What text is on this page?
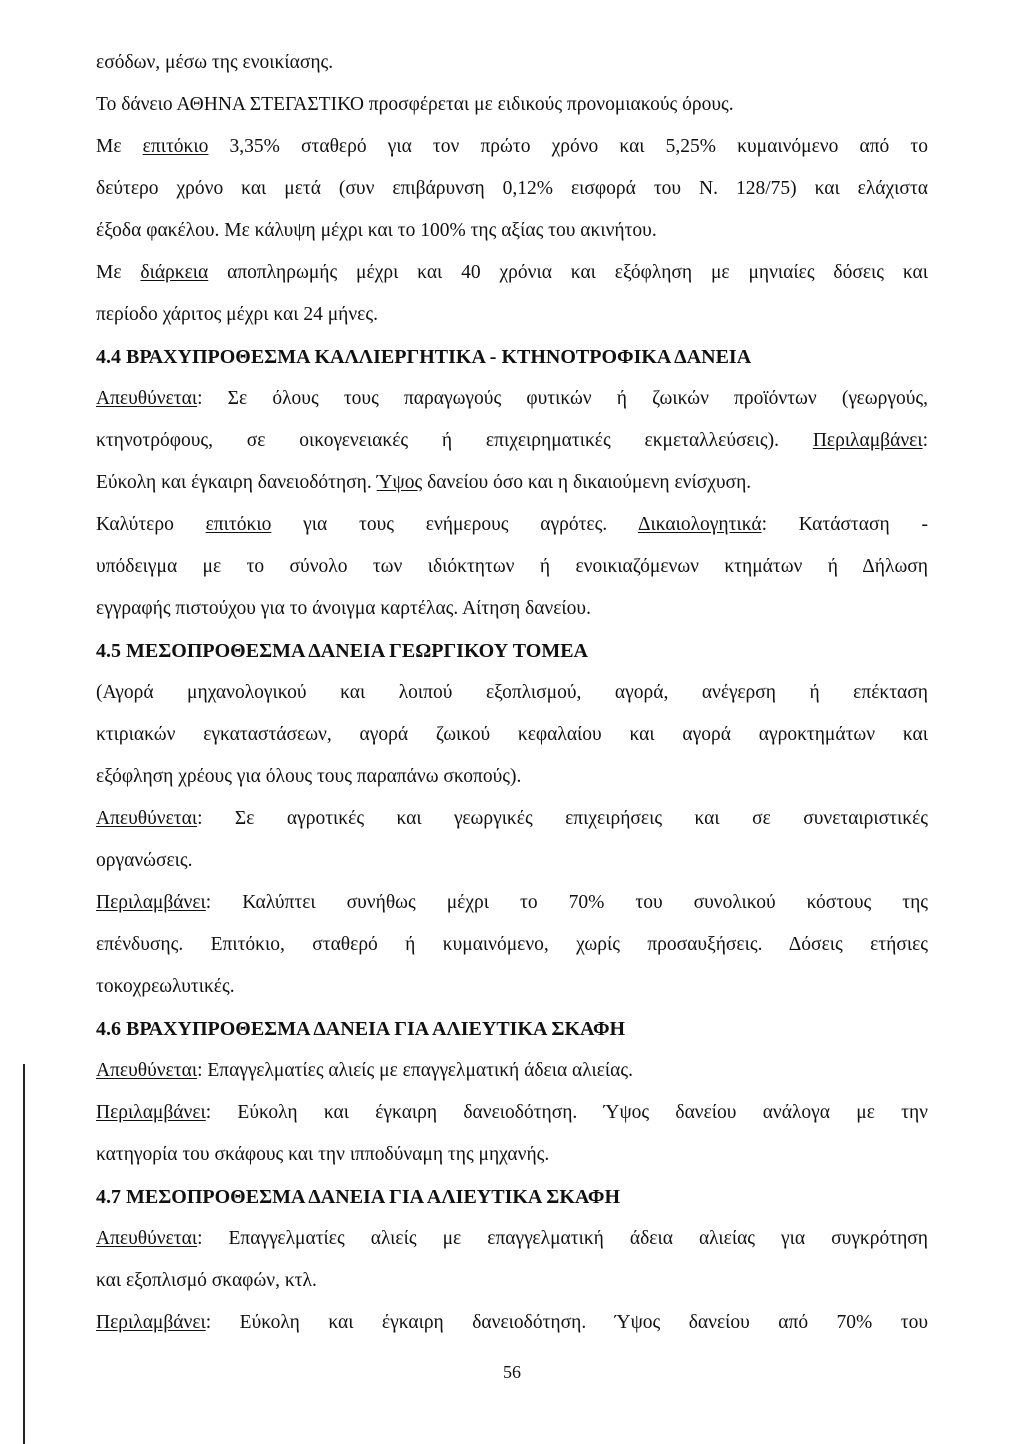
εσόδων, μέσω της ενοικίασης.
Το δάνειο ΑΘΗΝΑ ΣΤΕΓΑΣΤΙΚΟ προσφέρεται με ειδικούς προνομιακούς όρους.
Με επιτόκιο 3,35% σταθερό για τον πρώτο χρόνο και 5,25% κυμαινόμενο από το
δεύτερο χρόνο και μετά (συν επιβάρυνση 0,12% εισφορά του Ν. 128/75) και ελάχιστα
έξοδα φακέλου. Με κάλυψη μέχρι και το 100% της αξίας του ακινήτου.
Με διάρκεια αποπληρωμής μέχρι και 40 χρόνια και εξόφληση με μηνιαίες δόσεις και
περίοδο χάριτος μέχρι και 24 μήνες.
4.4 ΒΡΑΧΥΠΡΟΘΕΣΜΑ ΚΑΛΛΙΕΡΓΗΤΙΚΑ - ΚΤΗΝΟΤΡΟΦΙΚΑ ΔΑΝΕΙΑ
Απευθύνεται: Σε όλους τους παραγωγούς φυτικών ή ζωικών προϊόντων (γεωργούς,
κτηνοτρόφους, σε οικογενειακές ή επιχειρηματικές εκμεταλλεύσεις). Περιλαμβάνει:
Εύκολη και έγκαιρη δανειοδότηση. Ύψος δανείου όσο και η δικαιούμενη ενίσχυση.
Καλύτερο επιτόκιο για τους ενήμερους αγρότες. Δικαιολογητικά: Κατάσταση -
υπόδειγμα με το σύνολο των ιδιόκτητων ή ενοικιαζόμενων κτημάτων ή Δήλωση
εγγραφής πιστούχου για το άνοιγμα καρτέλας. Αίτηση δανείου.
4.5 ΜΕΣΟΠΡΟΘΕΣΜΑ ΔΑΝΕΙΑ ΓΕΩΡΓΙΚΟΥ ΤΟΜΕΑ
(Αγορά μηχανολογικού και λοιπού εξοπλισμού, αγορά, ανέγερση ή επέκταση
κτιριακών εγκαταστάσεων, αγορά ζωικού κεφαλαίου και αγορά αγροκτημάτων και
εξόφληση χρέους για όλους τους παραπάνω σκοπούς).
Απευθύνεται: Σε αγροτικές και γεωργικές επιχειρήσεις και σε συνεταιριστικές
οργανώσεις.
Περιλαμβάνει: Καλύπτει συνήθως μέχρι το 70% του συνολικού κόστους της
επένδυσης. Επιτόκιο, σταθερό ή κυμαινόμενο, χωρίς προσαυξήσεις. Δόσεις ετήσιες
τοκοχρεωλυτικές.
4.6 ΒΡΑΧΥΠΡΟΘΕΣΜΑ ΔΑΝΕΙΑ ΓΙΑ ΑΛΙΕΥΤΙΚΑ ΣΚΑΦΗ
Απευθύνεται: Επαγγελματίες αλιείς με επαγγελματική άδεια αλιείας.
Περιλαμβάνει: Εύκολη και έγκαιρη δανειοδότηση. Ύψος δανείου ανάλογα με την
κατηγορία του σκάφους και την ιπποδύναμη της μηχανής.
4.7 ΜΕΣΟΠΡΟΘΕΣΜΑ ΔΑΝΕΙΑ ΓΙΑ ΑΛΙΕΥΤΙΚΑ ΣΚΑΦΗ
Απευθύνεται: Επαγγελματίες αλιείς με επαγγελματική άδεια αλιείας για συγκρότηση
και εξοπλισμό σκαφών, κτλ.
Περιλαμβάνει: Εύκολη και έγκαιρη δανειοδότηση. Ύψος δανείου από 70% του
56
